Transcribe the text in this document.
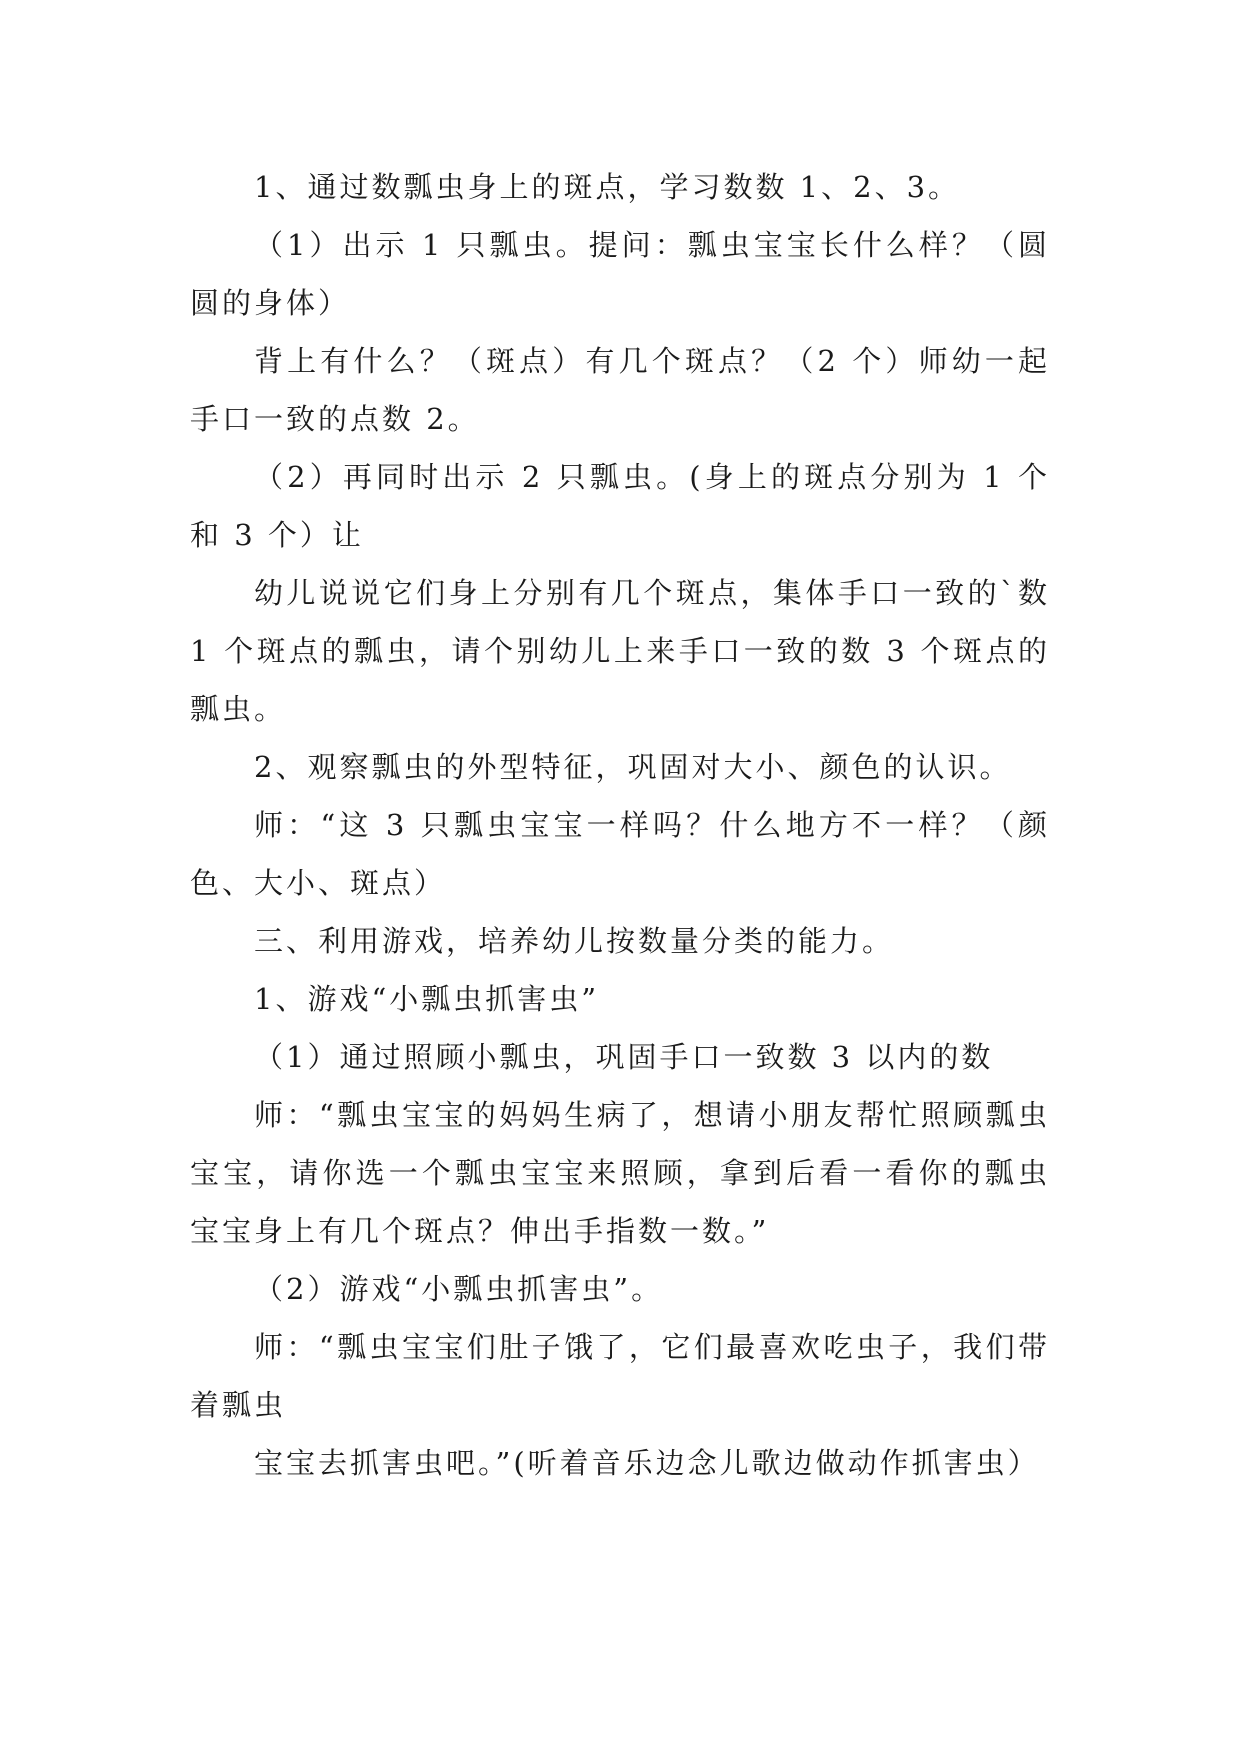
1、通过数瓢虫身上的斑点，学习数数 1、2、3。

（1）出示 1 只瓢虫。提问：瓢虫宝宝长什么样？（圆圆的身体）

背上有什么？（斑点）有几个斑点？（2 个）师幼一起手口一致的点数 2。

（2）再同时出示 2 只瓢虫。(身上的斑点分别为 1 个和 3 个）让

幼儿说说它们身上分别有几个斑点，集体手口一致的`数 1 个斑点的瓢虫，请个别幼儿上来手口一致的数 3 个斑点的瓢虫。

2、观察瓢虫的外型特征，巩固对大小、颜色的认识。

师：“这 3 只瓢虫宝宝一样吗？什么地方不一样？（颜色、大小、斑点）

三、利用游戏，培养幼儿按数量分类的能力。

1、游戏“小瓢虫抓害虫”

（1）通过照顾小瓢虫，巩固手口一致数 3 以内的数

师：“瓢虫宝宝的妈妈生病了，想请小朋友帮忙照顾瓢虫宝宝，请你选一个瓢虫宝宝来照顾，拿到后看一看你的瓢虫宝宝身上有几个斑点？伸出手指数一数。”

（2）游戏“小瓢虫抓害虫”。

师：“瓢虫宝宝们肚子饿了，它们最喜欢吃虫子，我们带着瓢虫

宝宝去抓害虫吧。”(听着音乐边念儿歌边做动作抓害虫）
